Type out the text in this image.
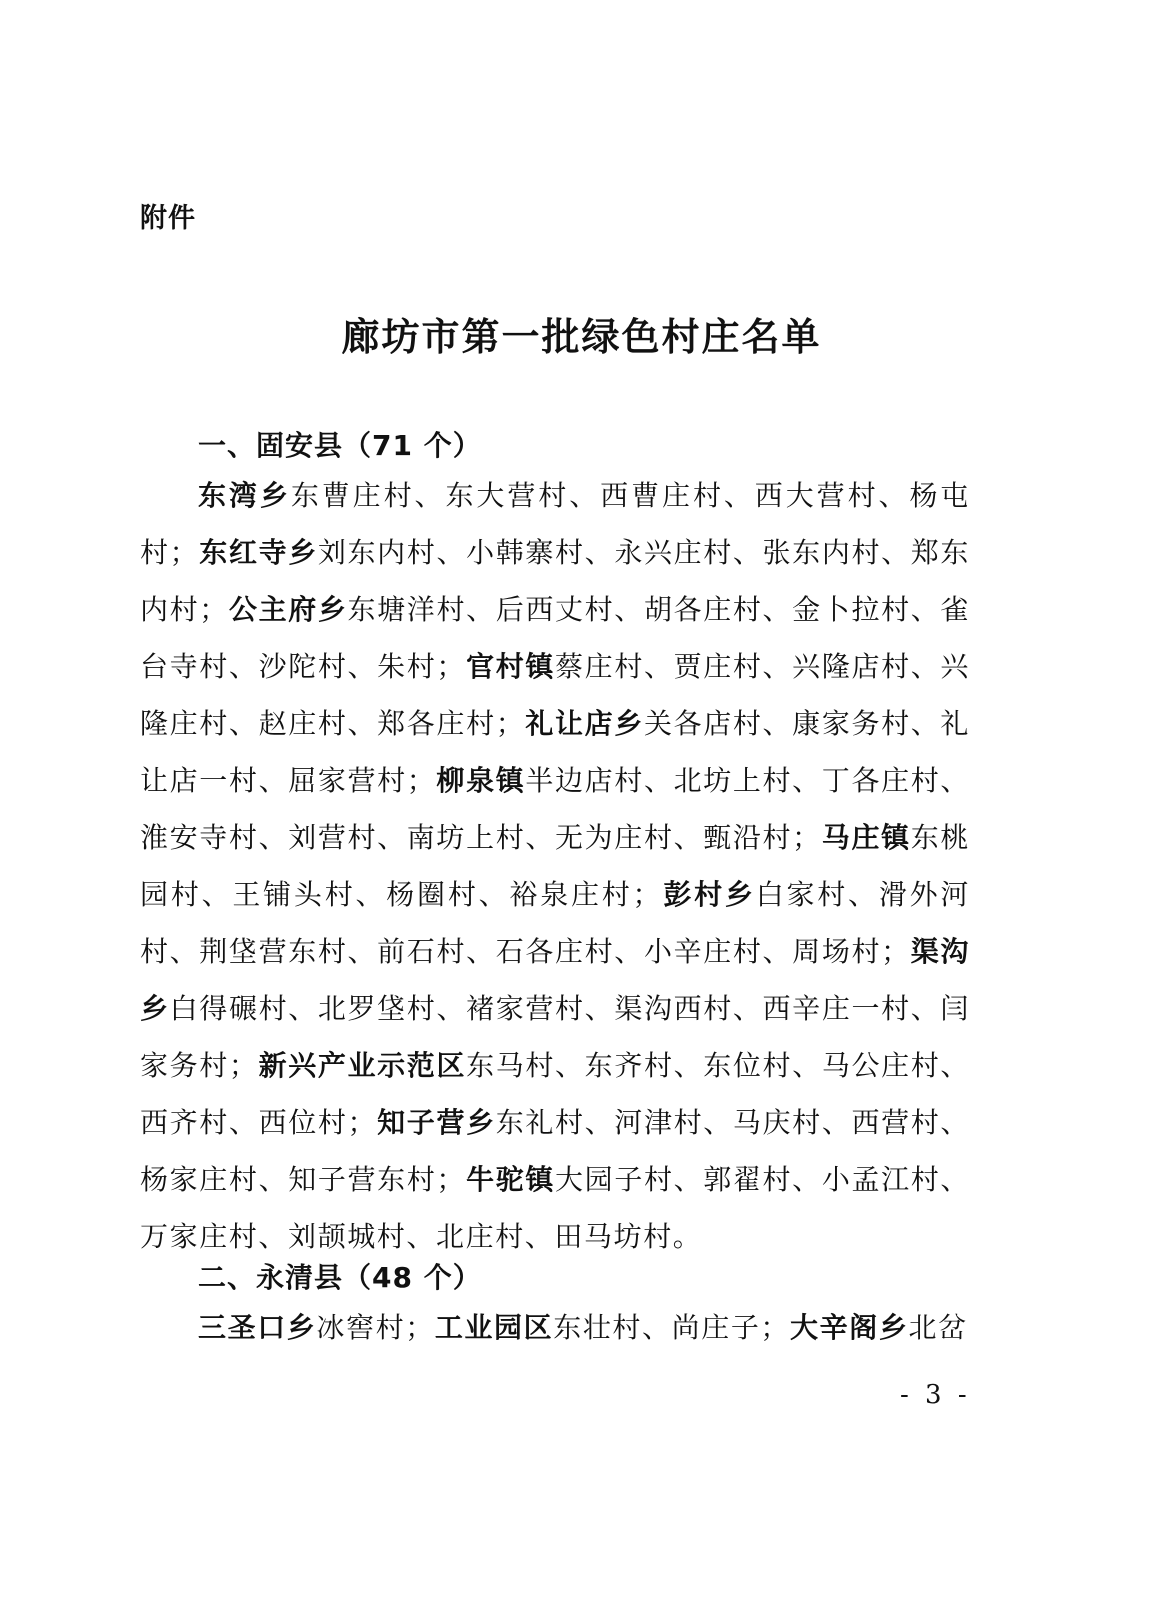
附件
廊坊市第一批绿色村庄名单
一、固安县（71 个）

东湾乡东曹庄村、东大营村、西曹庄村、西大营村、杨屯村；东红寺乡刘东内村、小韩寨村、永兴庄村、张东内村、郑东内村；公主府乡东塘洋村、后西丈村、胡各庄村、金卜拉村、雀台寺村、沙陀村、朱村；官村镇蔡庄村、贾庄村、兴隆店村、兴隆庄村、赵庄村、郑各庄村；礼让店乡关各店村、康家务村、礼让店一村、屈家营村；柳泉镇半边店村、北坊上村、丁各庄村、淮安寺村、刘营村、南坊上村、无为庄村、甄沿村；马庄镇东桃园村、王铺头村、杨圈村、裕泉庄村；彭村乡白家村、滑外河村、荆垡营东村、前石村、石各庄村、小辛庄村、周场村；渠沟乡白得碾村、北罗垡村、褚家营村、渠沟西村、西辛庄一村、闫家务村；新兴产业示范区东马村、东齐村、东位村、马公庄村、西齐村、西位村；知子营乡东礼村、河津村、马庆村、西营村、杨家庄村、知子营东村；牛驼镇大园子村、郭翟村、小孟江村、万家庄村、刘颉城村、北庄村、田马坊村。

二、永清县（48 个）

三圣口乡冰窖村；工业园区东壮村、尚庄子；大辛阁乡北岔

- 3 -
